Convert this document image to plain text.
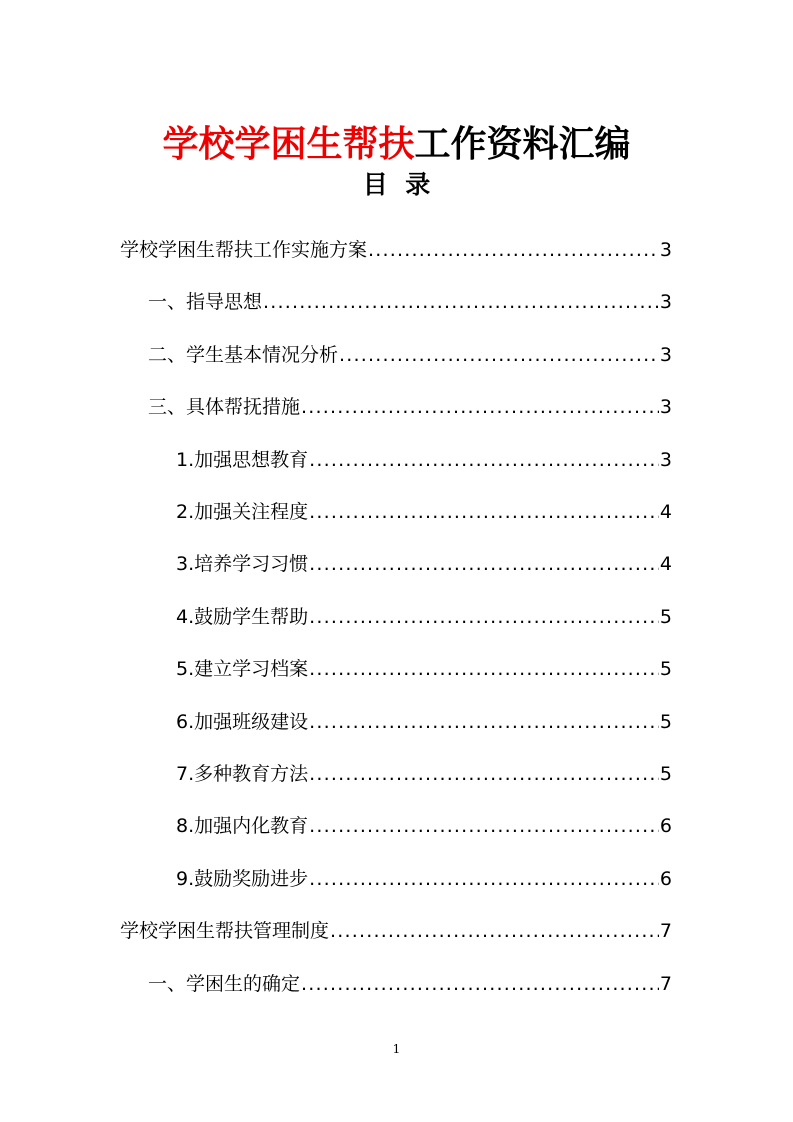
学校学困生帮扶工作资料汇编
目  录
学校学困生帮扶工作实施方案 .....	3
一、指导思想 .....	3
二、学生基本情况分析 .....	3
三、具体帮抚措施 .....	3
1.加强思想教育 .....	3
2.加强关注程度 .....	4
3.培养学习习惯 .....	4
4.鼓励学生帮助 .....	5
5.建立学习档案 .....	5
6.加强班级建设 .....	5
7.多种教育方法 .....	5
8.加强内化教育 .....	6
9.鼓励奖励进步 .....	6
学校学困生帮扶管理制度 .....	7
一、学困生的确定 .....	7
1
